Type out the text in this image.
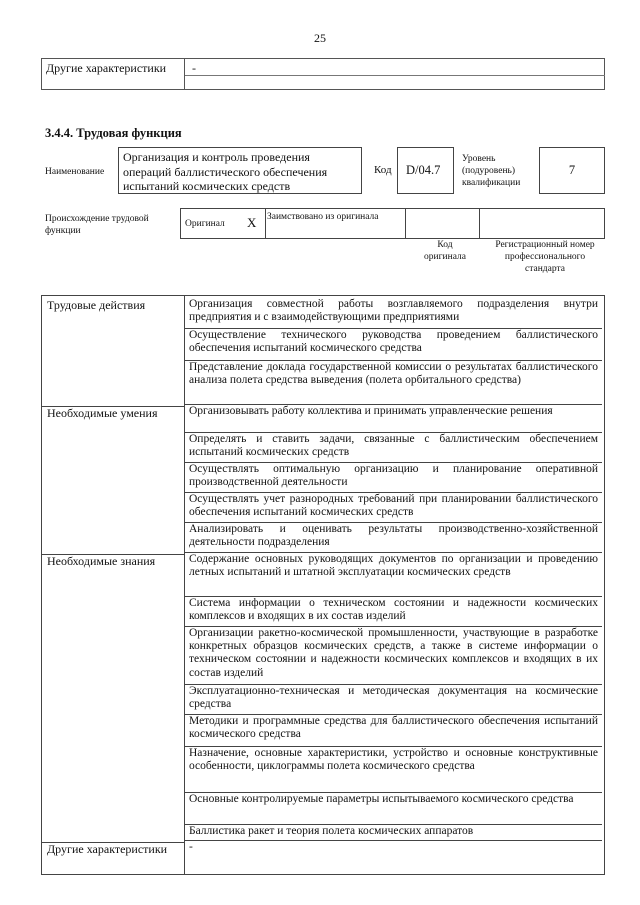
25
Другие характеристики	-
3.4.4. Трудовая функция
Наименование
Организация и контроль проведения операций баллистического обеспечения испытаний космических средств
Код	D/04.7
Уровень (подуровень) квалификации
7
Происхождение трудовой функции
Оригинал X Заимствовано из оригинала
Код оригинала
Регистрационный номер профессионального стандарта
Трудовые действия	Организация совместной работы возглавляемого подразделения внутри предприятия и с взаимодействующими предприятиями
Осуществление технического руководства проведением баллистического обеспечения испытаний космического средства
Представление доклада государственной комиссии о результатах баллистического анализа полета средства выведения (полета орбитального средства)
Необходимые умения	Организовывать работу коллектива и принимать управленческие решения
Определять и ставить задачи, связанные с баллистическим обеспечением испытаний космических средств
Осуществлять оптимальную организацию и планирование оперативной производственной деятельности
Осуществлять учет разнородных требований при планировании баллистического обеспечения испытаний космических средств
Анализировать и оценивать результаты производственно-хозяйственной деятельности подразделения
Необходимые знания	Содержание основных руководящих документов по организации и проведению летных испытаний и штатной эксплуатации космических средств
Система информации о техническом состоянии и надежности космических комплексов и входящих в их состав изделий
Организации ракетно-космической промышленности, участвующие в разработке конкретных образцов космических средств, а также в системе информации о техническом состоянии и надежности космических комплексов и входящих в их состав изделий
Эксплуатационно-техническая и методическая документация на космические средства
Методики и программные средства для баллистического обеспечения испытаний космического средства
Назначение, основные характеристики, устройство и основные конструктивные особенности, циклограммы полета космического средства
Основные контролируемые параметры испытываемого космического средства
Баллистика ракет и теория полета космических аппаратов
Другие характеристики	-
